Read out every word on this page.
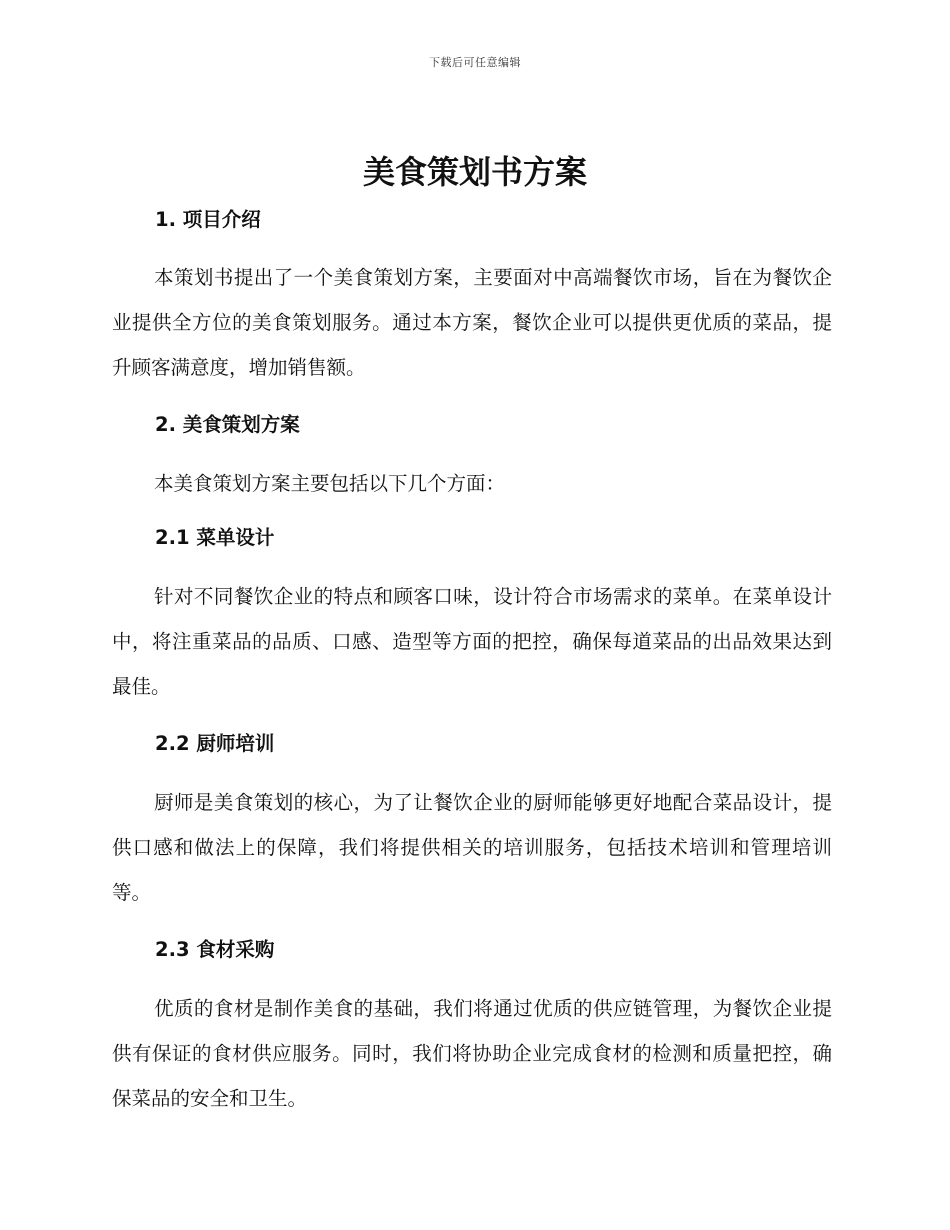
下载后可任意编辑
美食策划书方案
1. 项目介绍

本策划书提出了一个美食策划方案，主要面对中高端餐饮市场，旨在为餐饮企业提供全方位的美食策划服务。通过本方案，餐饮企业可以提供更优质的菜品，提升顾客满意度，增加销售额。

2. 美食策划方案

本美食策划方案主要包括以下几个方面：

2.1 菜单设计

针对不同餐饮企业的特点和顾客口味，设计符合市场需求的菜单。在菜单设计中，将注重菜品的品质、口感、造型等方面的把控，确保每道菜品的出品效果达到最佳。

2.2 厨师培训

厨师是美食策划的核心，为了让餐饮企业的厨师能够更好地配合菜品设计，提供口感和做法上的保障，我们将提供相关的培训服务，包括技术培训和管理培训等。

2.3 食材采购

优质的食材是制作美食的基础，我们将通过优质的供应链管理，为餐饮企业提供有保证的食材供应服务。同时，我们将协助企业完成食材的检测和质量把控，确保菜品的安全和卫生。
